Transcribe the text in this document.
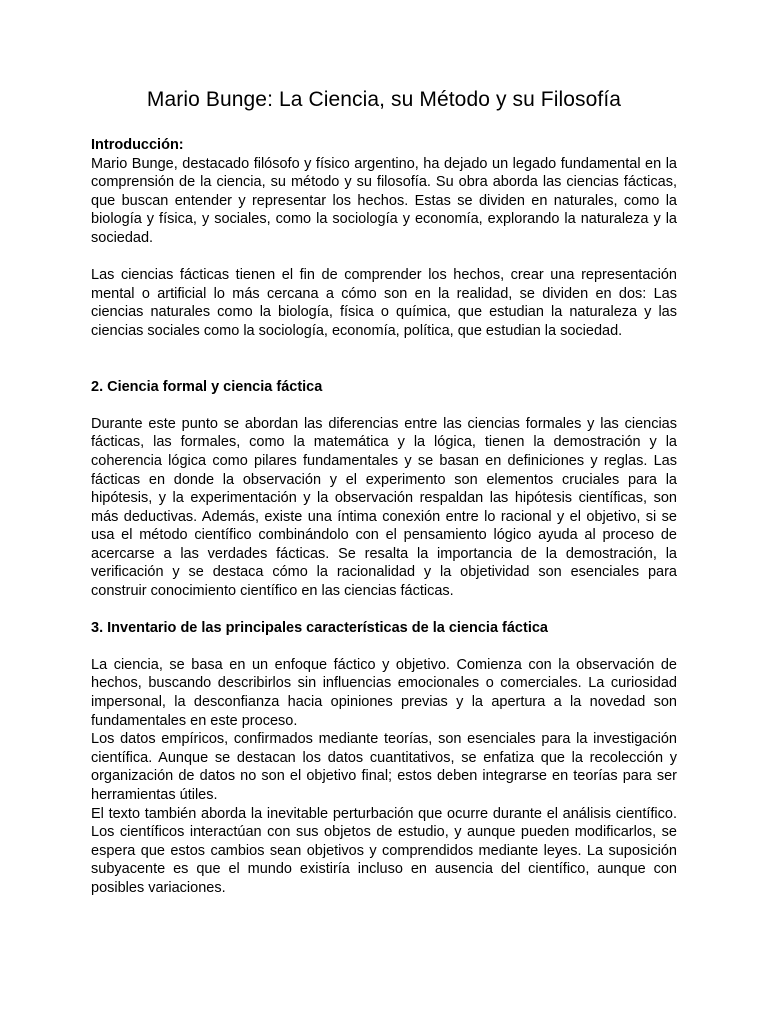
Mario Bunge: La Ciencia, su Método y su Filosofía
Introducción:

Mario Bunge, destacado filósofo y físico argentino, ha dejado un legado fundamental en la comprensión de la ciencia, su método y su filosofía. Su obra aborda las ciencias fácticas, que buscan entender y representar los hechos. Estas se dividen en naturales, como la biología y física, y sociales, como la sociología y economía, explorando la naturaleza y la sociedad.

Las ciencias fácticas tienen el fin de comprender los hechos, crear una representación mental o artificial lo más cercana a cómo son en la realidad, se dividen en dos: Las ciencias naturales como la biología, física o química, que estudian la naturaleza y las ciencias sociales como la sociología, economía, política, que estudian la sociedad.

2. Ciencia formal y ciencia fáctica

Durante este punto se abordan las diferencias entre las ciencias formales y las ciencias fácticas, las formales, como la matemática y la lógica, tienen la demostración y la coherencia lógica como pilares fundamentales y se basan en definiciones y reglas. Las fácticas en donde la observación y el experimento son elementos cruciales para la hipótesis, y la experimentación y la observación respaldan las hipótesis científicas, son más deductivas. Además, existe una íntima conexión entre lo racional y el objetivo, si se usa el método científico combinándolo con el pensamiento lógico ayuda al proceso de acercarse a las verdades fácticas. Se resalta la importancia de la demostración, la verificación y se destaca cómo la racionalidad y la objetividad son esenciales para construir conocimiento científico en las ciencias fácticas.

3. Inventario de las principales características de la ciencia fáctica

La ciencia, se basa en un enfoque fáctico y objetivo. Comienza con la observación de hechos, buscando describirlos sin influencias emocionales o comerciales. La curiosidad impersonal, la desconfianza hacia opiniones previas y la apertura a la novedad son fundamentales en este proceso.

Los datos empíricos, confirmados mediante teorías, son esenciales para la investigación científica. Aunque se destacan los datos cuantitativos, se enfatiza que la recolección y organización de datos no son el objetivo final; estos deben integrarse en teorías para ser herramientas útiles.

El texto también aborda la inevitable perturbación que ocurre durante el análisis científico. Los científicos interactúan con sus objetos de estudio, y aunque pueden modificarlos, se espera que estos cambios sean objetivos y comprendidos mediante leyes. La suposición subyacente es que el mundo existiría incluso en ausencia del científico, aunque con posibles variaciones.
